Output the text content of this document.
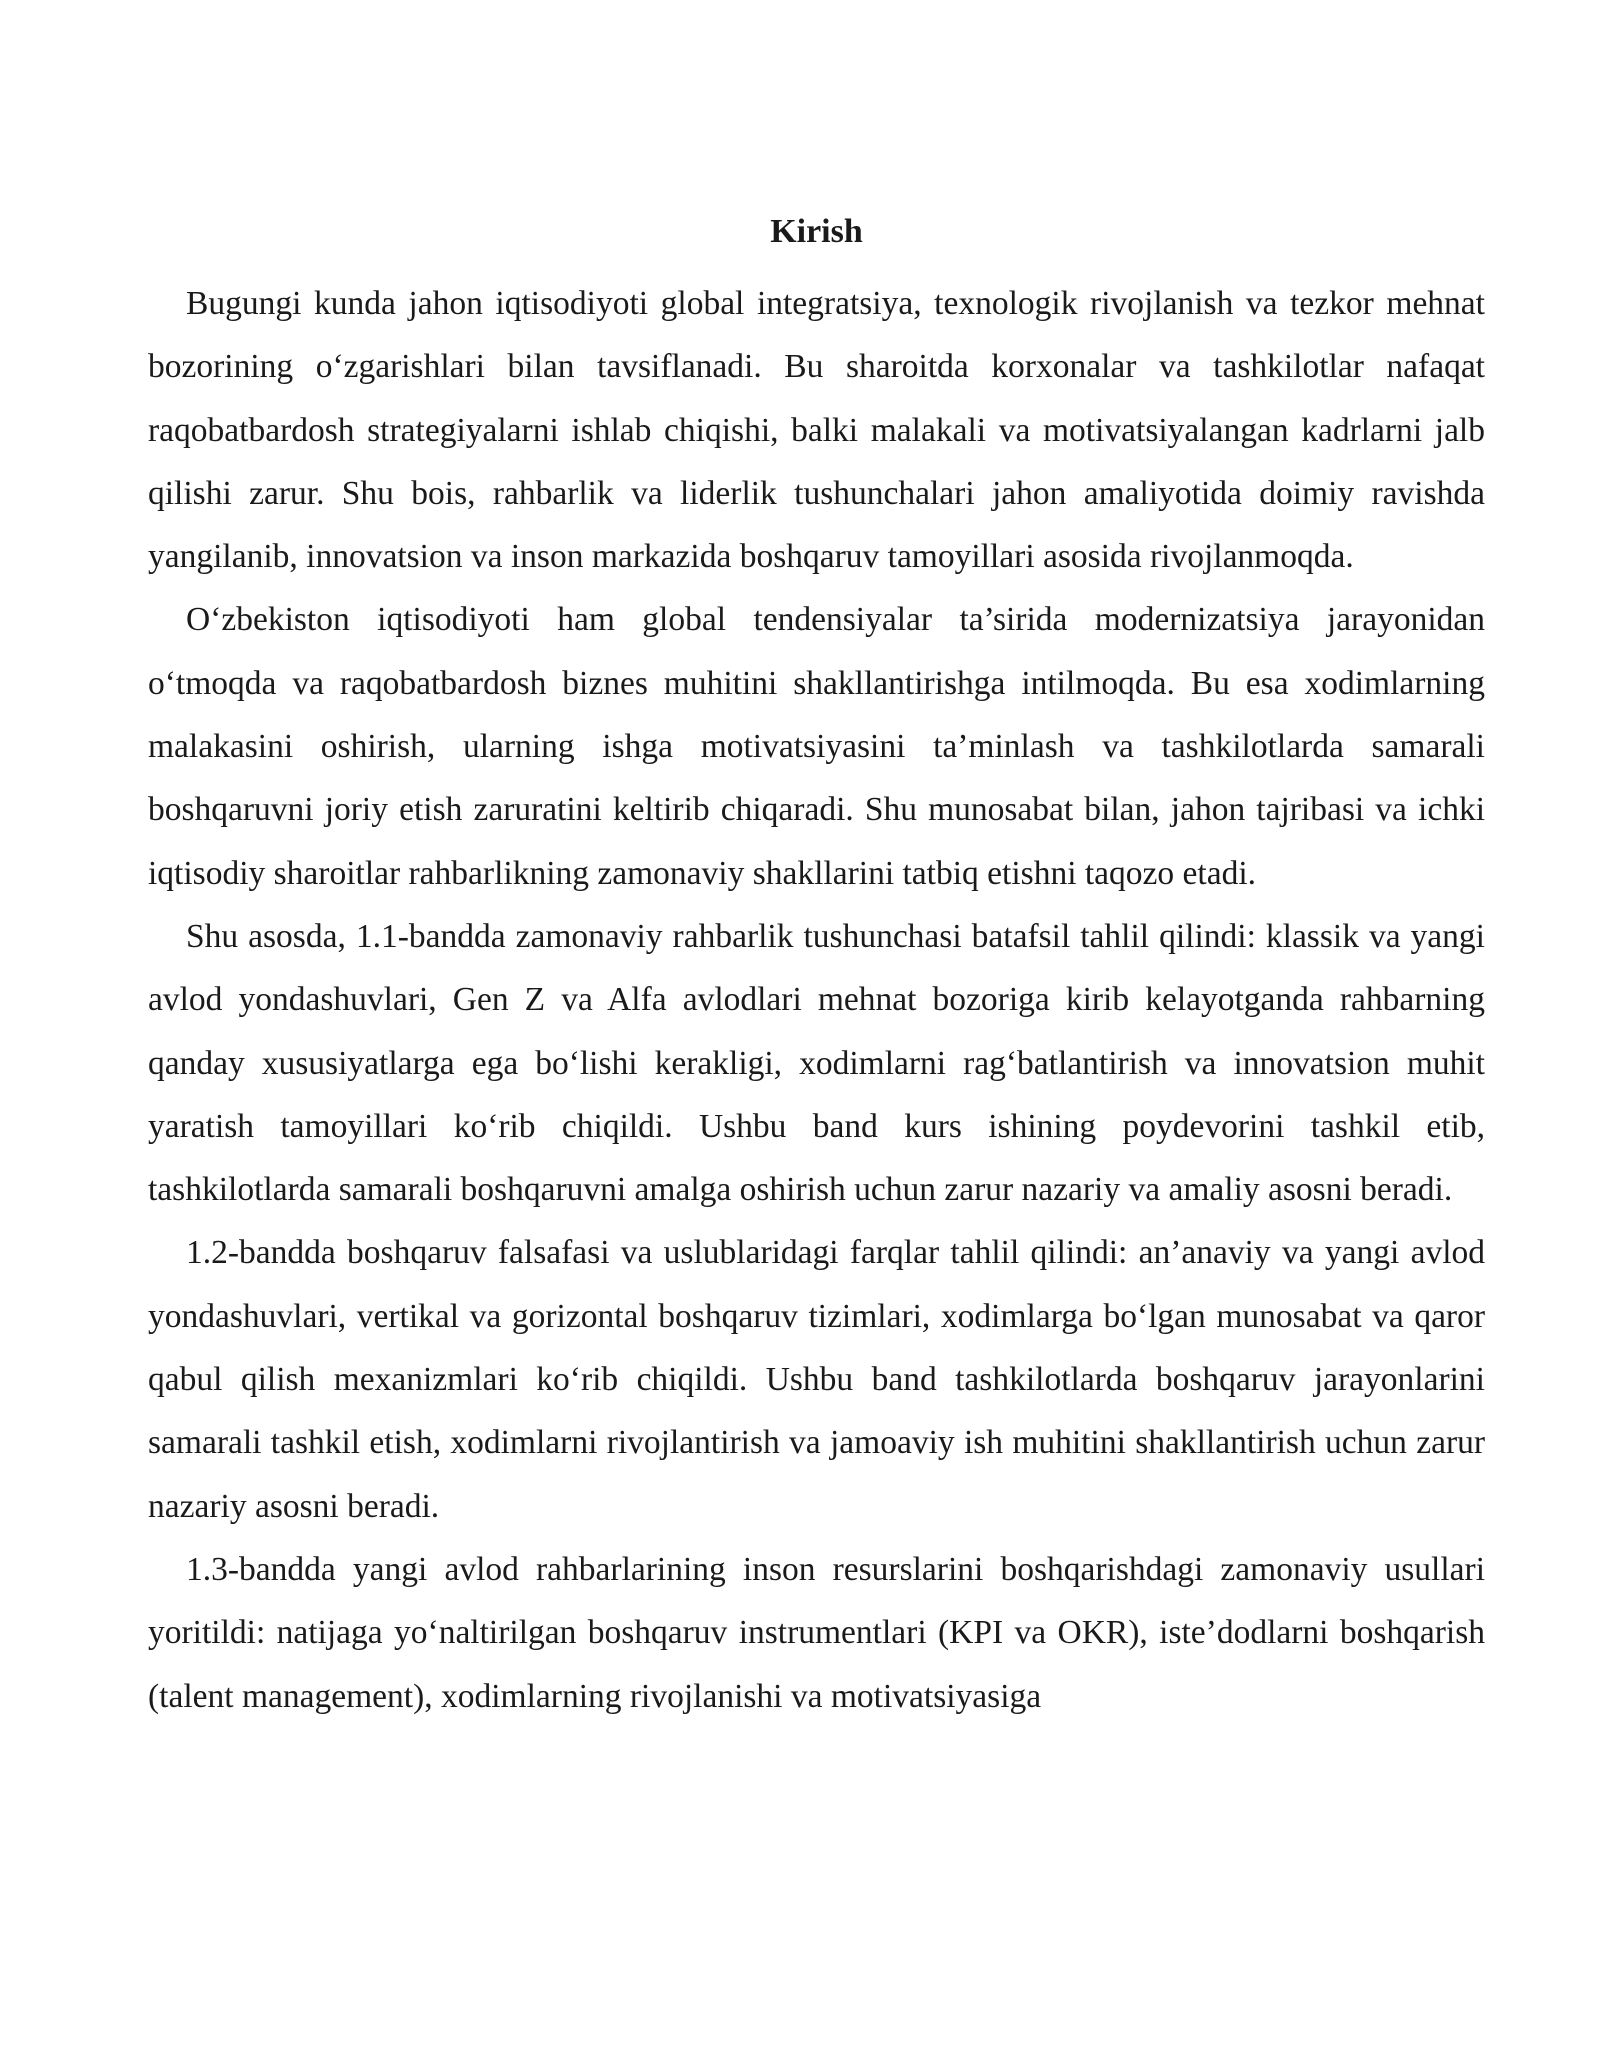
Kirish

Bugungi kunda jahon iqtisodiyoti global integratsiya, texnologik rivojlanish va tezkor mehnat bozorining o‘zgarishlari bilan tavsiflanadi. Bu sharoitda korxonalar va tashkilotlar nafaqat raqobatbardosh strategiyalarni ishlab chiqishi, balki malakali va motivatsiyalangan kadrlarni jalb qilishi zarur. Shu bois, rahbarlik va liderlik tushunchalari jahon amaliyotida doimiy ravishda yangilanib, innovatsion va inson markazida boshqaruv tamoyillari asosida rivojlanmoqda.

O‘zbekiston iqtisodiyoti ham global tendensiyalar ta’sirida modernizatsiya jarayonidan o‘tmoqda va raqobatbardosh biznes muhitini shakllantirishga intilmoqda. Bu esa xodimlarning malakasini oshirish, ularning ishga motivatsiyasini ta’minlash va tashkilotlarda samarali boshqaruvni joriy etish zaruratini keltirib chiqaradi. Shu munosabat bilan, jahon tajribasi va ichki iqtisodiy sharoitlar rahbarlikning zamonaviy shakllarini tatbiq etishni taqozo etadi.

Shu asosda, 1.1-bandda zamonaviy rahbarlik tushunchasi batafsil tahlil qilindi: klassik va yangi avlod yondashuvlari, Gen Z va Alfa avlodlari mehnat bozoriga kirib kelayotganda rahbarning qanday xususiyatlarga ega bo‘lishi kerakligi, xodimlarni rag‘batlantirish va innovatsion muhit yaratish tamoyillari ko‘rib chiqildi. Ushbu band kurs ishining poydevorini tashkil etib, tashkilotlarda samarali boshqaruvni amalga oshirish uchun zarur nazariy va amaliy asosni beradi.

1.2-bandda boshqaruv falsafasi va uslublaridagi farqlar tahlil qilindi: an’anaviy va yangi avlod yondashuvlari, vertikal va gorizontal boshqaruv tizimlari, xodimlarga bo‘lgan munosabat va qaror qabul qilish mexanizmlari ko‘rib chiqildi. Ushbu band tashkilotlarda boshqaruv jarayonlarini samarali tashkil etish, xodimlarni rivojlantirish va jamoaviy ish muhitini shakllantirish uchun zarur nazariy asosni beradi.

1.3-bandda yangi avlod rahbarlarining inson resurslarini boshqarishdagi zamonaviy usullari yoritildi: natijaga yo‘naltirilgan boshqaruv instrumentlari (KPI va OKR), iste’dodlarni boshqarish (talent management), xodimlarning rivojlanishi va motivatsiyasiga
